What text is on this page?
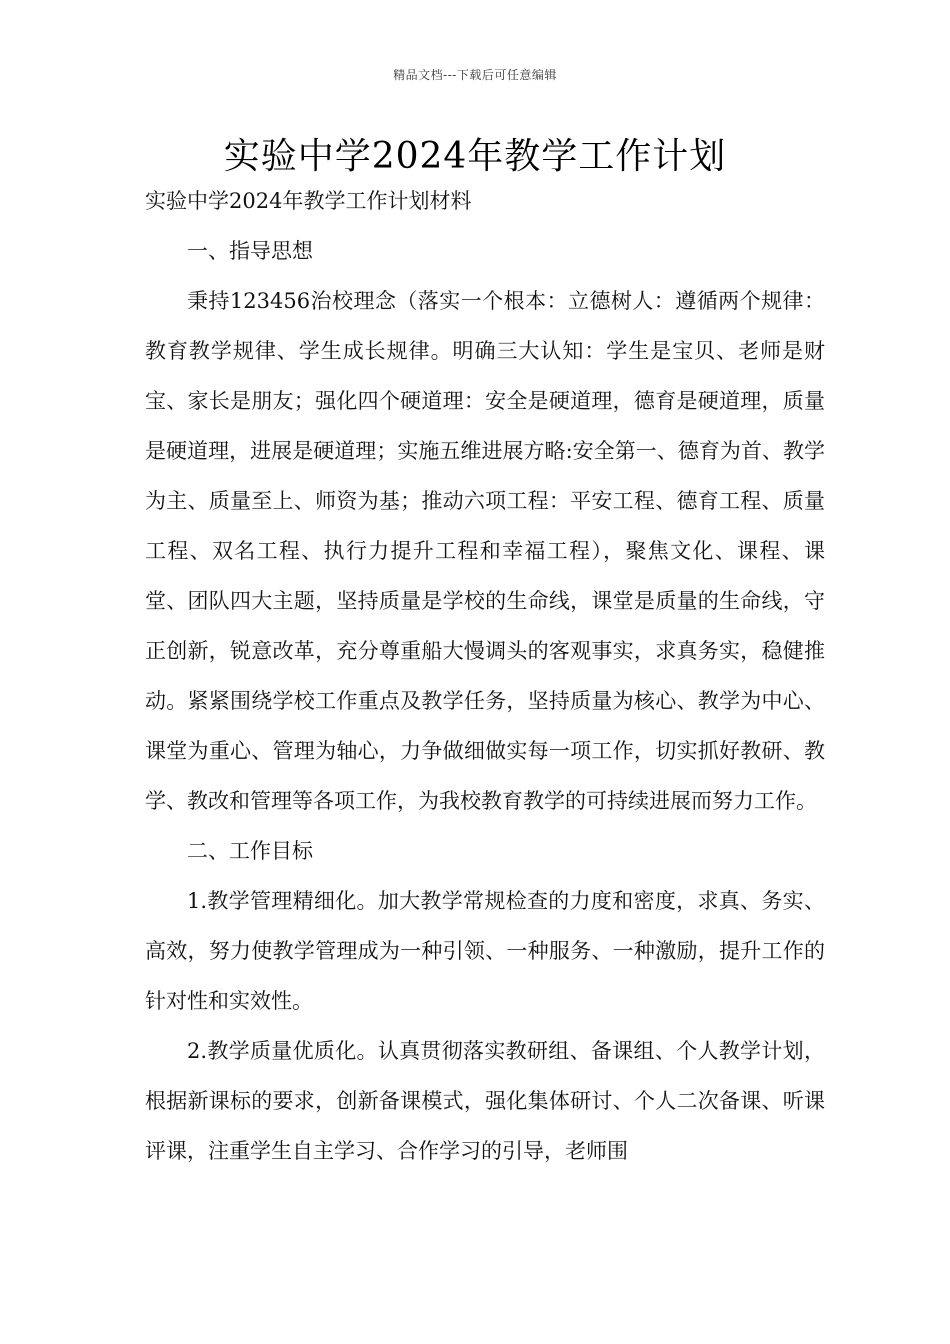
精品文档---下载后可任意编辑
实验中学2024年教学工作计划
实验中学2024年教学工作计划材料

一、指导思想

秉持123456治校理念（落实一个根本：立德树人：遵循两个规律：教育教学规律、学生成长规律。明确三大认知：学生是宝贝、老师是财宝、家长是朋友；强化四个硬道理：安全是硬道理，德育是硬道理，质量是硬道理，进展是硬道理；实施五维进展方略:安全第一、德育为首、教学为主、质量至上、师资为基；推动六项工程：平安工程、德育工程、质量工程、双名工程、执行力提升工程和幸福工程），聚焦文化、课程、课堂、团队四大主题，坚持质量是学校的生命线，课堂是质量的生命线，守正创新，锐意改革，充分尊重船大慢调头的客观事实，求真务实，稳健推动。紧紧围绕学校工作重点及教学任务，坚持质量为核心、教学为中心、课堂为重心、管理为轴心，力争做细做实每一项工作，切实抓好教研、教学、教改和管理等各项工作，为我校教育教学的可持续进展而努力工作。

二、工作目标

1.教学管理精细化。加大教学常规检查的力度和密度，求真、务实、高效，努力使教学管理成为一种引领、一种服务、一种激励，提升工作的针对性和实效性。

2.教学质量优质化。认真贯彻落实教研组、备课组、个人教学计划，根据新课标的要求，创新备课模式，强化集体研讨、个人二次备课、听课评课，注重学生自主学习、合作学习的引导，老师围
